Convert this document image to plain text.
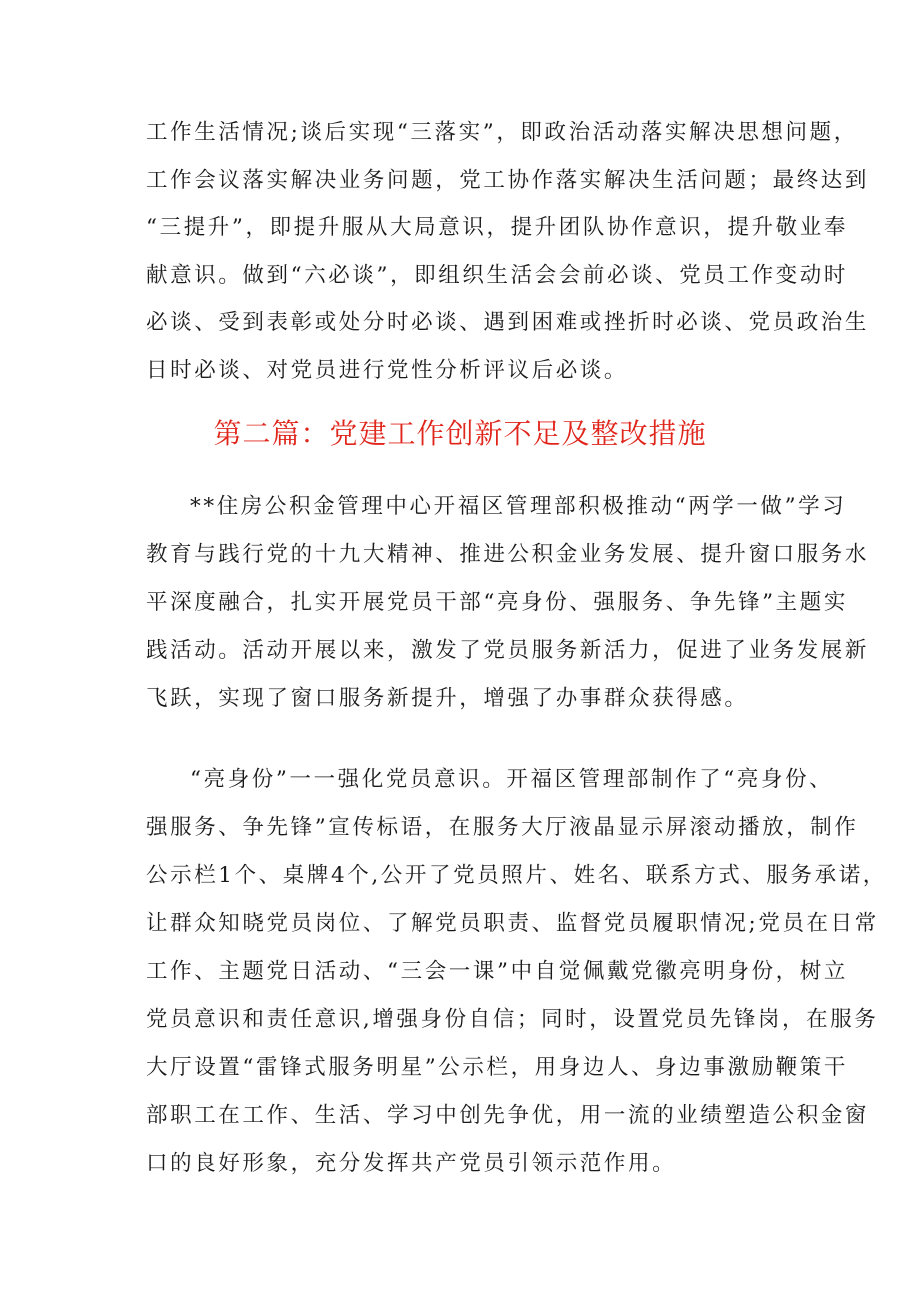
工作生活情况;谈后实现“三落实”，即政治活动落实解决思想问题，
工作会议落实解决业务问题，党工协作落实解决生活问题；最终达到
“三提升”，即提升服从大局意识，提升团队协作意识，提升敬业奉
献意识。做到“六必谈”，即组织生活会会前必谈、党员工作变动时
必谈、受到表彰或处分时必谈、遇到困难或挫折时必谈、党员政治生
日时必谈、对党员进行党性分析评议后必谈。
第二篇：党建工作创新不足及整改措施
**住房公积金管理中心开福区管理部积极推动“两学一做”学习
教育与践行党的十九大精神、推进公积金业务发展、提升窗口服务水
平深度融合，扎实开展党员干部“亮身份、强服务、争先锋”主题实
践活动。活动开展以来，激发了党员服务新活力，促进了业务发展新
飞跃，实现了窗口服务新提升，增强了办事群众获得感。
“亮身份”一一强化党员意识。开福区管理部制作了“亮身份、
强服务、争先锋”宣传标语，在服务大厅液晶显示屏滚动播放，制作
公示栏1个、桌牌4个,公开了党员照片、姓名、联系方式、服务承诺，
让群众知晓党员岗位、了解党员职责、监督党员履职情况;党员在日常
工作、主题党日活动、“三会一课”中自觉佩戴党徽亮明身份，树立
党员意识和责任意识,增强身份自信；同时，设置党员先锋岗，在服务
大厅设置“雷锋式服务明星”公示栏，用身边人、身边事激励鞭策干
部职工在工作、生活、学习中创先争优，用一流的业绩塑造公积金窗
口的良好形象，充分发挥共产党员引领示范作用。
